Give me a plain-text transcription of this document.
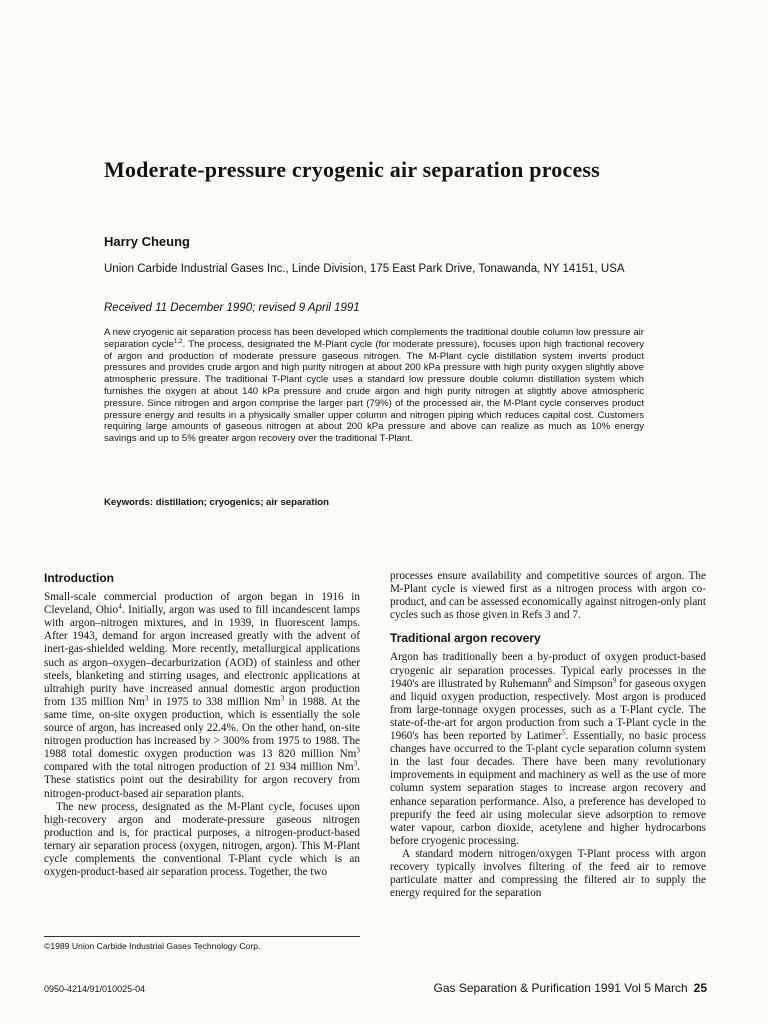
Moderate-pressure cryogenic air separation process

Harry Cheung

Union Carbide Industrial Gases Inc., Linde Division, 175 East Park Drive, Tonawanda, NY 14151, USA

Received 11 December 1990; revised 9 April 1991

A new cryogenic air separation process has been developed which complements the traditional double column low pressure air separation cycle$^{1,2}$. The process, designated the M-Plant cycle (for moderate pressure), focuses upon high fractional recovery of argon and production of moderate pressure gaseous nitrogen. The M-Plant cycle distillation system inverts product pressures and provides crude argon and high purity nitrogen at about 200 kPa pressure with high purity oxygen slightly above atmospheric pressure. The traditional T-Plant cycle uses a standard low pressure double column distillation system which furnishes the oxygen at about 140 kPa pressure and crude argon and high purity nitrogen at slightly above atmospheric pressure. Since nitrogen and argon comprise the larger part (79%) of the processed air, the M-Plant cycle conserves product pressure energy and results in a physically smaller upper column and nitrogen piping which reduces capital cost. Customers requiring large amounts of gaseous nitrogen at about 200 kPa pressure and above can realize as much as 10% energy savings and up to 5% greater argon recovery over the traditional T-Plant.

Keywords: distillation; cryogenics; air separation

Introduction

Small-scale commercial production of argon began in 1916 in Cleveland, Ohio$^4$. Initially, argon was used to fill incandescent lamps with argon–nitrogen mixtures, and in 1939, in fluorescent lamps. After 1943, demand for argon increased greatly with the advent of inert-gas-shielded welding. More recently, metallurgical applications such as argon–oxygen–decarburization (AOD) of stainless and other steels, blanketing and stirring usages, and electronic applications at ultrahigh purity have increased annual domestic argon production from 135 million Nm$^3$ in 1975 to 338 million Nm$^3$ in 1988. At the same time, on-site oxygen production, which is essentially the sole source of argon, has increased only 22.4%. On the other hand, on-site nitrogen production has increased by > 300% from 1975 to 1988. The 1988 total domestic oxygen production was 13 820 million Nm$^3$ compared with the total nitrogen production of 21 934 million Nm$^3$. These statistics point out the desirability for argon recovery from nitrogen-product-based air separation plants.

The new process, designated as the M-Plant cycle, focuses upon high-recovery argon and moderate-pressure gaseous nitrogen production and is, for practical purposes, a nitrogen-product-based ternary air separation process (oxygen, nitrogen, argon). This M-Plant cycle complements the conventional T-Plant cycle which is an oxygen-product-based air separation process. Together, the two

processes ensure availability and competitive sources of argon. The M-Plant cycle is viewed first as a nitrogen process with argon co-product, and can be assessed economically against nitrogen-only plant cycles such as those given in Refs 3 and 7.

Traditional argon recovery

Argon has traditionally been a by-product of oxygen product-based cryogenic air separation processes. Typical early processes in the 1940's are illustrated by Ruhemann$^8$ and Simpson$^9$ for gaseous oxygen and liquid oxygen production, respectively. Most argon is produced from large-tonnage oxygen processes, such as a T-Plant cycle. The state-of-the-art for argon production from such a T-Plant cycle in the 1960's has been reported by Latimer$^5$. Essentially, no basic process changes have occurred to the T-plant cycle separation column system in the last four decades. There have been many revolutionary improvements in equipment and machinery as well as the use of more column system separation stages to increase argon recovery and enhance separation performance. Also, a preference has developed to prepurify the feed air using molecular sieve adsorption to remove water vapour, carbon dioxide, acetylene and higher hydrocarbons before cryogenic processing.

A standard modern nitrogen/oxygen T-Plant process with argon recovery typically involves filtering of the feed air to remove particulate matter and compressing the filtered air to supply the energy required for the separation

©1989 Union Carbide Industrial Gases Technology Corp.

0950-4214/91/010025-04	Gas Separation & Purification 1991 Vol 5 March 25
